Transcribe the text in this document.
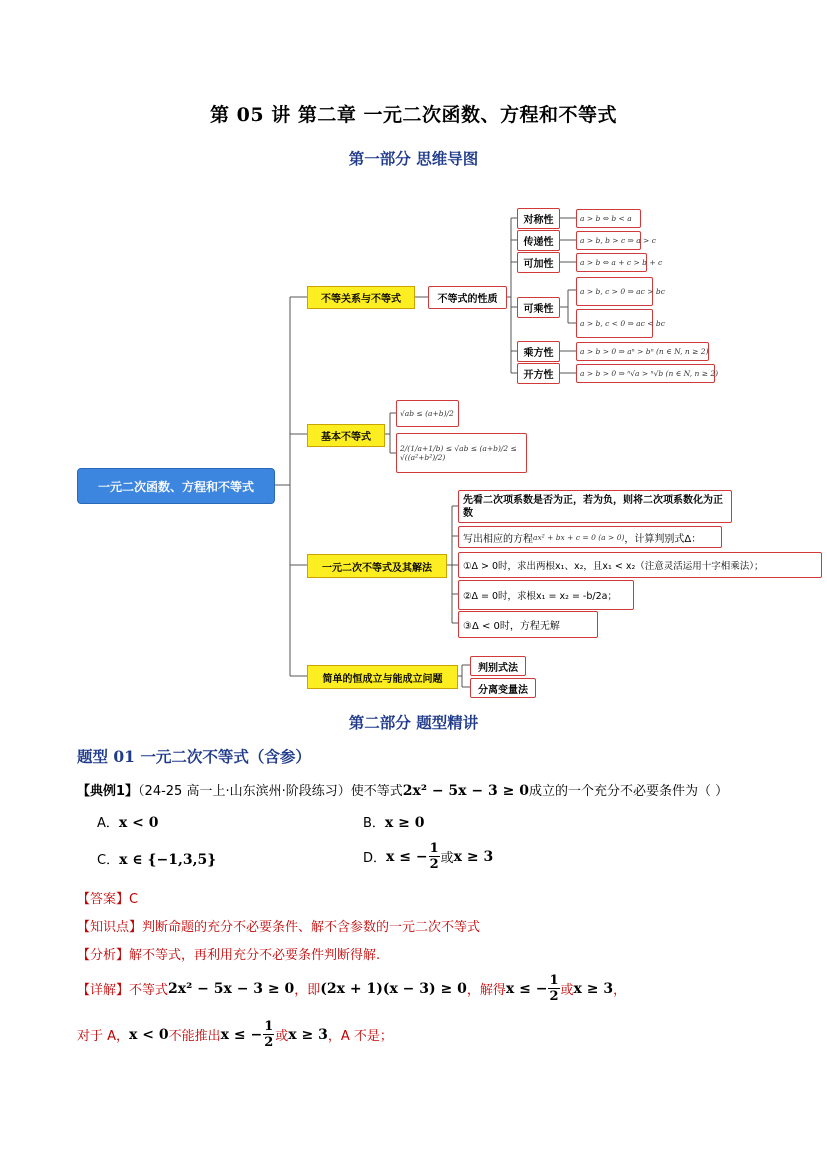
第 05 讲 第二章 一元二次函数、方程和不等式
第一部分 思维导图
一元二次函数、方程和不等式
不等关系与不等式	不等式的性质
对称性	a > b ⇔ b < a
传递性	a > b, b > c ⇒ a > c
可加性	a > b ⇔ a + c > b + c
可乘性
a > b, c > 0 ⇒ ac > bc
a > b, c < 0 ⇒ ac < bc
乘方性	a > b > 0 ⇒ aⁿ > bⁿ (n ∈ N, n ≥ 2)
开方性	a > b > 0 ⇒ ⁿ√a > ⁿ√b (n ∈ N, n ≥ 2)
基本不等式
√ab ≤ (a+b)/2
2/(1/a+1/b) ≤ √ab ≤ (a+b)/2 ≤ √((a²+b²)/2)
一元二次不等式及其解法
先看二次项系数是否为正，若为负，则将二次项系数化为正数
写出相应的方程 ax² + bx + c = 0 (a > 0) ，计算判别式Δ：
①Δ > 0时，求出两根x₁、x₂，且x₁ < x₂（注意灵活运用十字相乘法）；
②Δ = 0时，求根x₁ = x₂ = -b/2a；
③Δ < 0时，方程无解
简单的恒成立与能成立问题
判别式法
分离变量法
第二部分 题型精讲
题型 01 一元二次不等式（含参）
【典例1】（24-25 高一上·山东滨州·阶段练习）使不等式2x² − 5x − 3 ≥ 0成立的一个充分不必要条件为（ ）
A．x < 0	B．x ≥ 0
C．x ∈ {−1,3,5}	D． x ≤ − $\frac{1}{2}$ 或 x ≥ 3
【答案】C
【知识点】判断命题的充分不必要条件、解不含参数的一元二次不等式
【分析】解不等式，再利用充分不必要条件判断得解.
【详解】 不等式 2x² − 5x − 3 ≥ 0 ，即 (2x + 1)(x − 3) ≥ 0 ，解得 x ≤ − $\frac{1}{2}$ 或 x ≥ 3 ，
对于 A， x < 0 不能推出 x ≤ − $\frac{1}{2}$ 或 x ≥ 3 ，A 不是；
